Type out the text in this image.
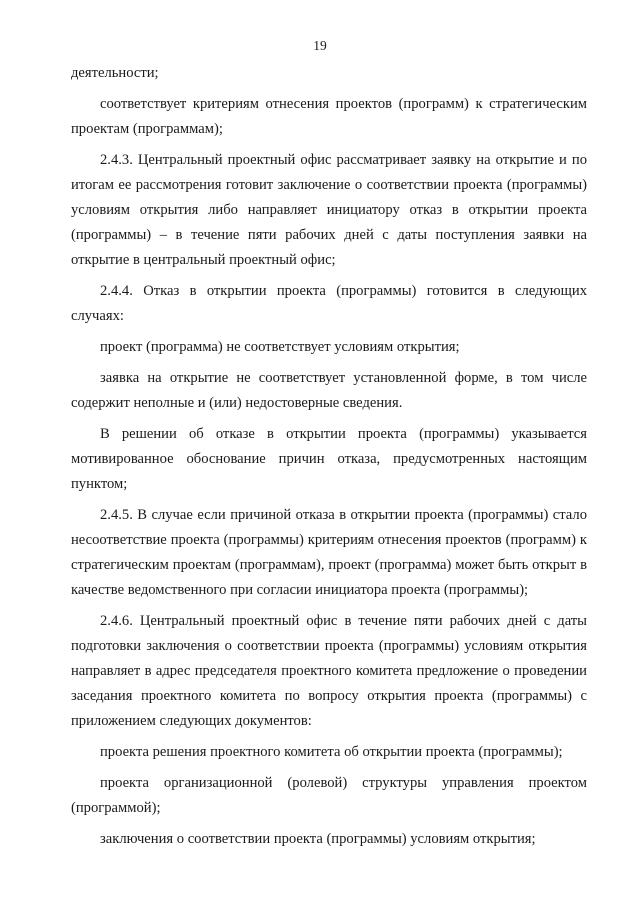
19

деятельности;

соответствует критериям отнесения проектов (программ) к стратегическим проектам (программам);

2.4.3. Центральный проектный офис рассматривает заявку на открытие и по итогам ее рассмотрения готовит заключение о соответствии проекта (программы) условиям открытия либо направляет инициатору отказ в открытии проекта (программы) – в течение пяти рабочих дней с даты поступления заявки на открытие в центральный проектный офис;

2.4.4. Отказ в открытии проекта (программы) готовится в следующих случаях:

проект (программа) не соответствует условиям открытия;

заявка на открытие не соответствует установленной форме, в том числе содержит неполные и (или) недостоверные сведения.

В решении об отказе в открытии проекта (программы) указывается мотивированное обоснование причин отказа, предусмотренных настоящим пунктом;

2.4.5. В случае если причиной отказа в открытии проекта (программы) стало несоответствие проекта (программы) критериям отнесения проектов (программ) к стратегическим проектам (программам), проект (программа) может быть открыт в качестве ведомственного при согласии инициатора проекта (программы);

2.4.6. Центральный проектный офис в течение пяти рабочих дней с даты подготовки заключения о соответствии проекта (программы) условиям открытия направляет в адрес председателя проектного комитета предложение о проведении заседания проектного комитета по вопросу открытия проекта (программы) с приложением следующих документов:

проекта решения проектного комитета об открытии проекта (программы);

проекта организационной (ролевой) структуры управления проектом (программой);

заключения о соответствии проекта (программы) условиям открытия;
